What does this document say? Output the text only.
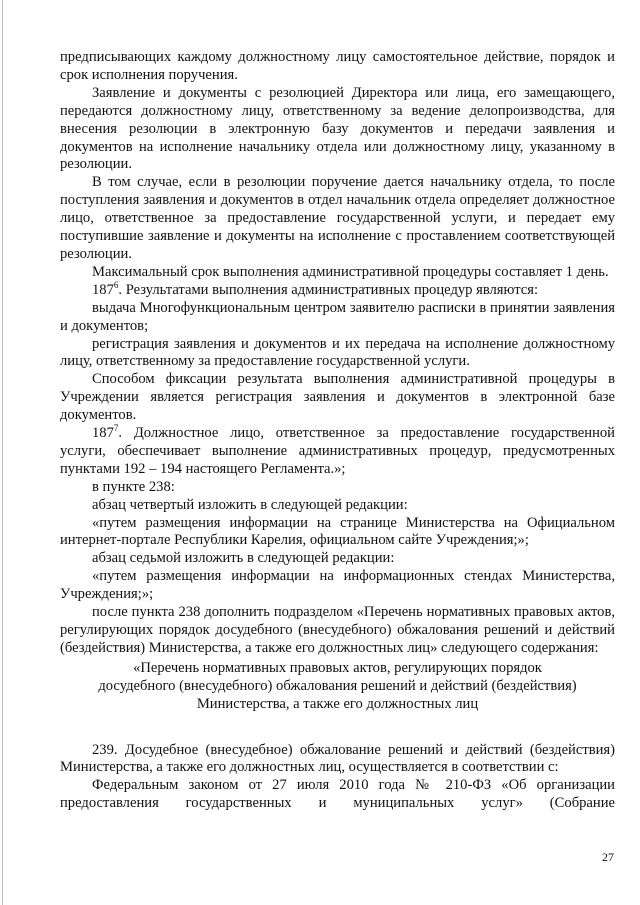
предписывающих каждому должностному лицу самостоятельное действие, порядок и срок исполнения поручения.

Заявление и документы с резолюцией Директора или лица, его замещающего, передаются должностному лицу, ответственному за ведение делопроизводства, для внесения резолюции в электронную базу документов и передачи заявления и документов на исполнение начальнику отдела или должностному лицу, указанному в резолюции.

В том случае, если в резолюции поручение дается начальнику отдела, то после поступления заявления и документов в отдел начальник отдела определяет должностное лицо, ответственное за предоставление государственной услуги, и передает ему поступившие заявление и документы на исполнение с проставлением соответствующей резолюции.

Максимальный срок выполнения административной процедуры составляет 1 день.

$187^6$. Результатами выполнения административных процедур являются:

выдача Многофункциональным центром заявителю расписки в принятии заявления и документов;

регистрация заявления и документов и их передача на исполнение должностному лицу, ответственному за предоставление государственной услуги.

Способом фиксации результата выполнения административной процедуры в Учреждении является регистрация заявления и документов в электронной базе документов.

$187^7$. Должностное лицо, ответственное за предоставление государственной услуги, обеспечивает выполнение административных процедур, предусмотренных пунктами 192 – 194 настоящего Регламента.»;

в пункте 238:

абзац четвертый изложить в следующей редакции:

«путем размещения информации на странице Министерства на Официальном интернет-портале Республики Карелия, официальном сайте Учреждения;»;

абзац седьмой изложить в следующей редакции:

«путем размещения информации на информационных стендах Министерства, Учреждения;»;

после пункта 238 дополнить подразделом «Перечень нормативных правовых актов, регулирующих порядок досудебного (внесудебного) обжалования решений и действий (бездействия) Министерства, а также его должностных лиц» следующего содержания:

«Перечень нормативных правовых актов, регулирующих порядок
досудебного (внесудебного) обжалования решений и действий (бездействия)
Министерства, а также его должностных лиц

239. Досудебное (внесудебное) обжалование решений и действий (бездействия) Министерства, а также его должностных лиц, осуществляется в соответствии с:

Федеральным законом от 27 июля 2010 года № 210-ФЗ «Об организации предоставления государственных и муниципальных услуг» (Собрание

27
